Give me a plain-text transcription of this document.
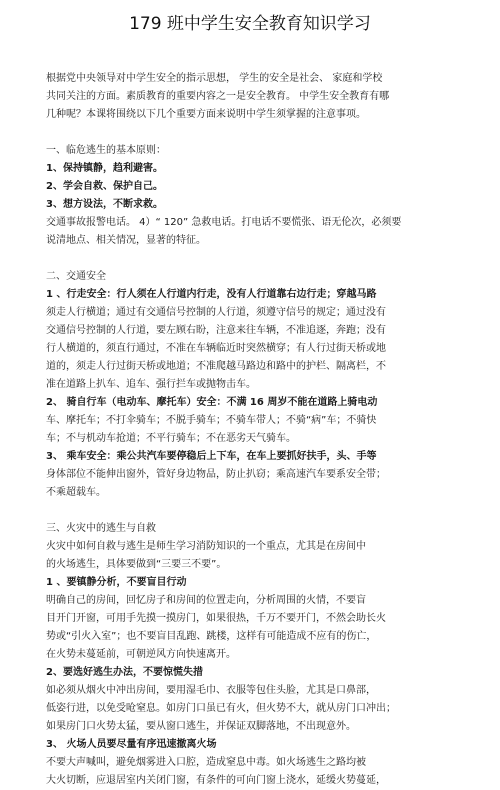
179 班中学生安全教育知识学习
根据党中央领导对中学生安全的指示思想， 学生的安全是社会、 家庭和学校
共同关注的方面。素质教育的重要内容之一是安全教育。 中学生安全教育有哪
几种呢？本课将围绕以下几个重要方面来说明中学生须掌握的注意事项。
一、临危逃生的基本原则：
1、保持镇静，趋利避害。
2、学会自救、保护自己。
3、想方设法，不断求救。
交通事故报警电话。 4）“ 120” 急救电话。打电话不要慌张、语无伦次，必须要
说清地点、相关情况，显著的特征。
二、交通安全
1 、行走安全：行人须在人行道内行走，没有人行道靠右边行走；穿越马路
须走人行横道；通过有交通信号控制的人行道，须遵守信号的规定；通过没有
交通信号控制的人行道，要左顾右盼，注意来往车辆，不准追逐，奔跑；没有
行人横道的，须直行通过，不准在车辆临近时突然横穿；有人行过街天桥或地
道的，须走人行过街天桥或地道；不准爬越马路边和路中的护栏、隔离栏，不
准在道路上扒车、追车、强行拦车或抛物击车。
2、 骑自行车（电动车、摩托车）安全：不满 16 周岁不能在道路上骑电动
车、摩托车；不打伞骑车；不脱手骑车；不骑车带人；不骑“病”车；不骑快
车；不与机动车抢道；不平行骑车；不在恶劣天气骑车。
3、 乘车安全：乘公共汽车要停稳后上下车，在车上要抓好扶手，头、手等
身体部位不能伸出窗外，管好身边物品，防止扒窃；乘高速汽车要系安全带；
不乘超载车。
三、火灾中的逃生与自救
火灾中如何自救与逃生是师生学习消防知识的一个重点，尤其是在房间中
的火场逃生，具体要做到“三要三不要”。
1 、要镇静分析，不要盲目行动
明确自己的房间，回忆房子和房间的位置走向，分析周围的火情，不要盲
目开门开窗，可用手先摸一摸房门，如果很热，千万不要开门，不然会助长火
势或“引火入室”；也不要盲目乱跑、跳楼，这样有可能造成不应有的伤亡，
在火势未蔓延前，可朝逆风方向快速离开。
2、要选好逃生办法，不要惊慌失措
如必须从烟火中冲出房间，要用湿毛巾、衣服等包住头脸，尤其是口鼻部，
低姿行进，以免受呛窒息。如房门口虽已有火，但火势不大，就从房门口冲出；
如果房门口火势太猛，要从窗口逃生，并保证双脚落地，不出现意外。
3、 火场人员要尽量有序迅速撤离火场
不要大声喊叫，避免烟雾进入口腔，造成窒息中毒。如火场逃生之路均被
大火切断，应退居室内关闭门窗，有条件的可向门窗上浇水，延缓火势蔓延，
